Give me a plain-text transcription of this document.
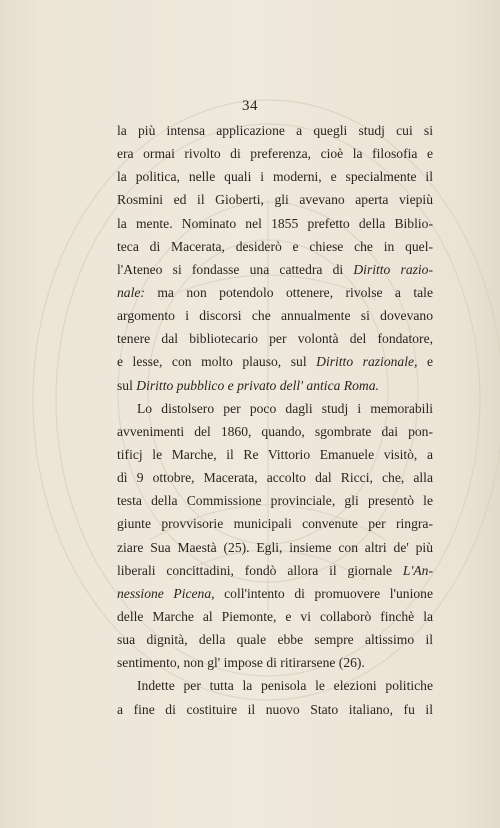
34
la più intensa applicazione a quegli studj cui si
era ormai rivolto di preferenza, cioè la filosofia e
la politica, nelle quali i moderni, e specialmente il
Rosmini ed il Gioberti, gli avevano aperta viepiù
la mente. Nominato nel 1855 prefetto della Biblio-
teca di Macerata, desiderò e chiese che in quel-
l'Ateneo si fondasse una cattedra di Diritto razio-
nale: ma non potendolo ottenere, rivolse a tale
argomento i discorsi che annualmente si dovevano
tenere dal bibliotecario per volontà del fondatore,
e lesse, con molto plauso, sul Diritto razionale, e
sul Diritto pubblico e privato dell' antica Roma.
Lo distolsero per poco dagli studj i memorabili
avvenimenti del 1860, quando, sgombrate dai pon-
tificj le Marche, il Re Vittorio Emanuele visitò, a
dì 9 ottobre, Macerata, accolto dal Ricci, che, alla
testa della Commissione provinciale, gli presentò le
giunte provvisorie municipali convenute per ringra-
ziare Sua Maestà (25). Egli, insieme con altri de' più
liberali concittadini, fondò allora il giornale L'An-
nessione Picena, coll'intento di promuovere l'unione
delle Marche al Piemonte, e vi collaborò finchè la
sua dignità, della quale ebbe sempre altissimo il
sentimento, non gl' impose di ritirarsene (26).
Indette per tutta la penisola le elezioni politiche
a fine di costituire il nuovo Stato italiano, fu il
